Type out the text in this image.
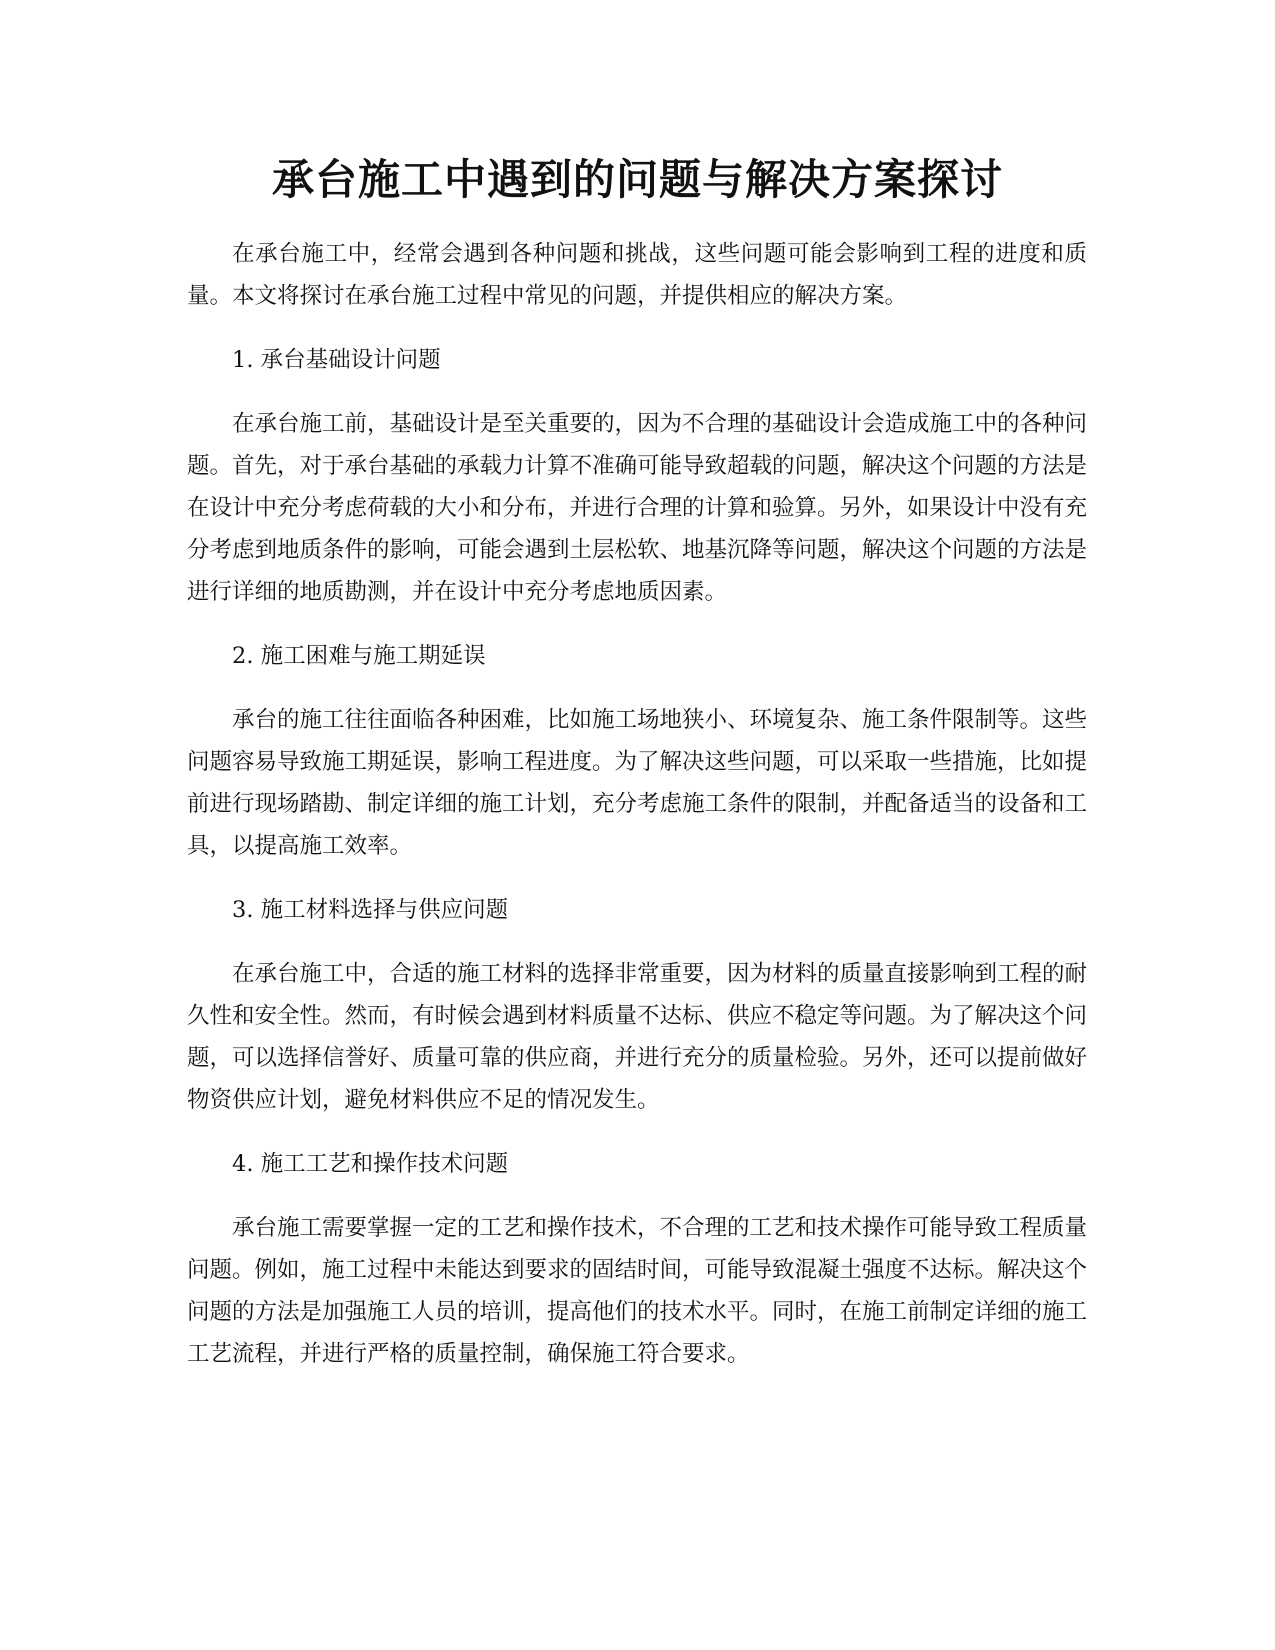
承台施工中遇到的问题与解决方案探讨

在承台施工中，经常会遇到各种问题和挑战，这些问题可能会影响到工程的进度和质量。本文将探讨在承台施工过程中常见的问题，并提供相应的解决方案。

1. 承台基础设计问题

在承台施工前，基础设计是至关重要的，因为不合理的基础设计会造成施工中的各种问题。首先，对于承台基础的承载力计算不准确可能导致超载的问题，解决这个问题的方法是在设计中充分考虑荷载的大小和分布，并进行合理的计算和验算。另外，如果设计中没有充分考虑到地质条件的影响，可能会遇到土层松软、地基沉降等问题，解决这个问题的方法是进行详细的地质勘测，并在设计中充分考虑地质因素。

2. 施工困难与施工期延误

承台的施工往往面临各种困难，比如施工场地狭小、环境复杂、施工条件限制等。这些问题容易导致施工期延误，影响工程进度。为了解决这些问题，可以采取一些措施，比如提前进行现场踏勘、制定详细的施工计划，充分考虑施工条件的限制，并配备适当的设备和工具，以提高施工效率。

3. 施工材料选择与供应问题

在承台施工中，合适的施工材料的选择非常重要，因为材料的质量直接影响到工程的耐久性和安全性。然而，有时候会遇到材料质量不达标、供应不稳定等问题。为了解决这个问题，可以选择信誉好、质量可靠的供应商，并进行充分的质量检验。另外，还可以提前做好物资供应计划，避免材料供应不足的情况发生。

4. 施工工艺和操作技术问题

承台施工需要掌握一定的工艺和操作技术，不合理的工艺和技术操作可能导致工程质量问题。例如，施工过程中未能达到要求的固结时间，可能导致混凝土强度不达标。解决这个问题的方法是加强施工人员的培训，提高他们的技术水平。同时，在施工前制定详细的施工工艺流程，并进行严格的质量控制，确保施工符合要求。
